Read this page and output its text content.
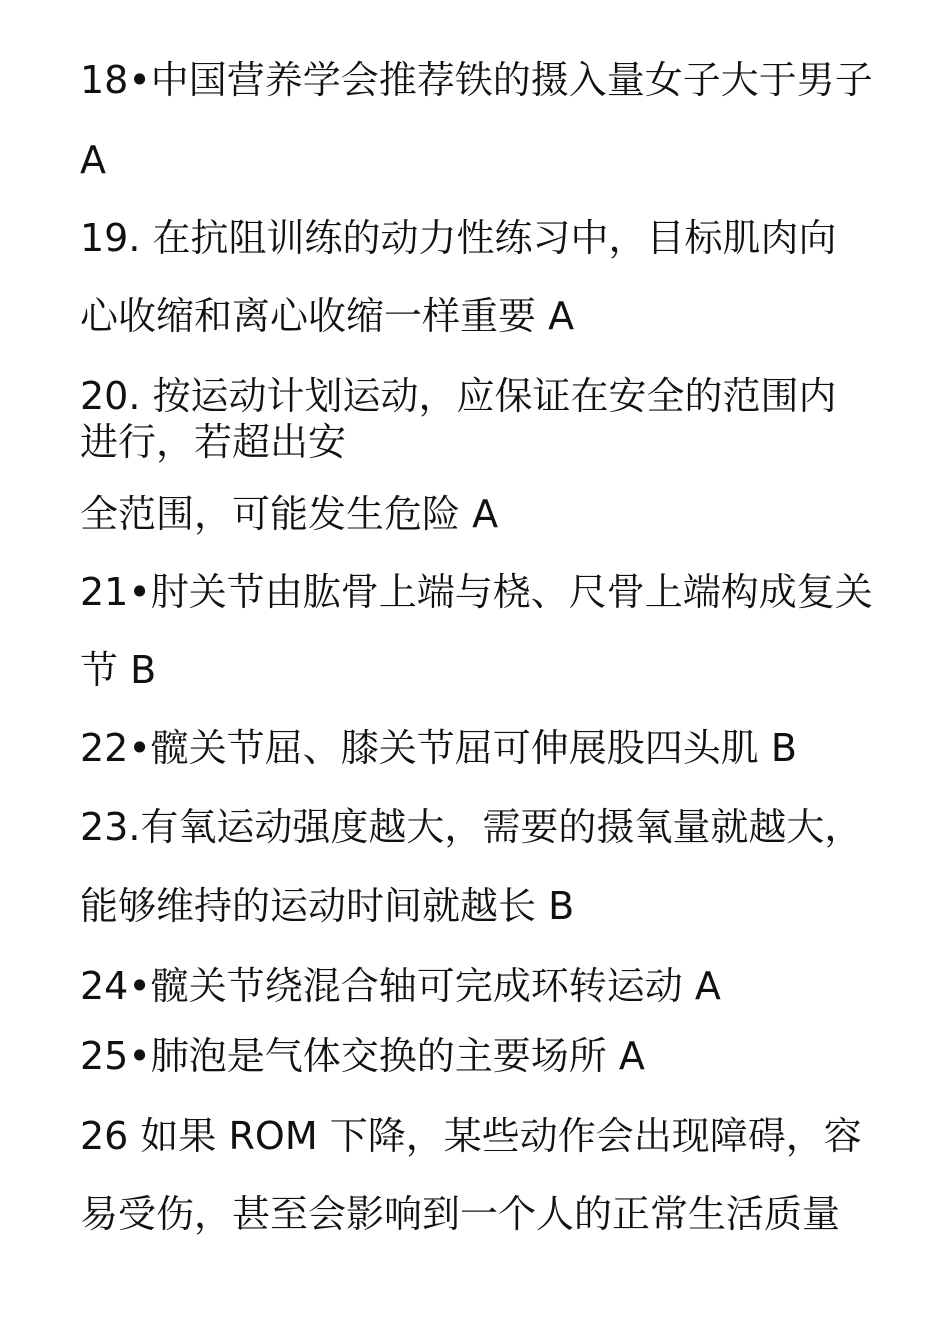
18•中国营养学会推荐铁的摄入量女子大于男子
A
19. 在抗阻训练的动力性练习中，目标肌肉向
心收缩和离心收缩一样重要 A
20. 按运动计划运动，应保证在安全的范围内
进行，若超出安
全范围，可能发生危险 A
21•肘关节由肱骨上端与桡、尺骨上端构成复关
节 B
22•髋关节屈、膝关节屈可伸展股四头肌 B
23.有氧运动强度越大，需要的摄氧量就越大，
能够维持的运动时间就越长 B
24•髋关节绕混合轴可完成环转运动 A
25•肺泡是气体交换的主要场所 A
26 如果 ROM 下降，某些动作会出现障碍，容
易受伤，甚至会影响到一个人的正常生活质量
